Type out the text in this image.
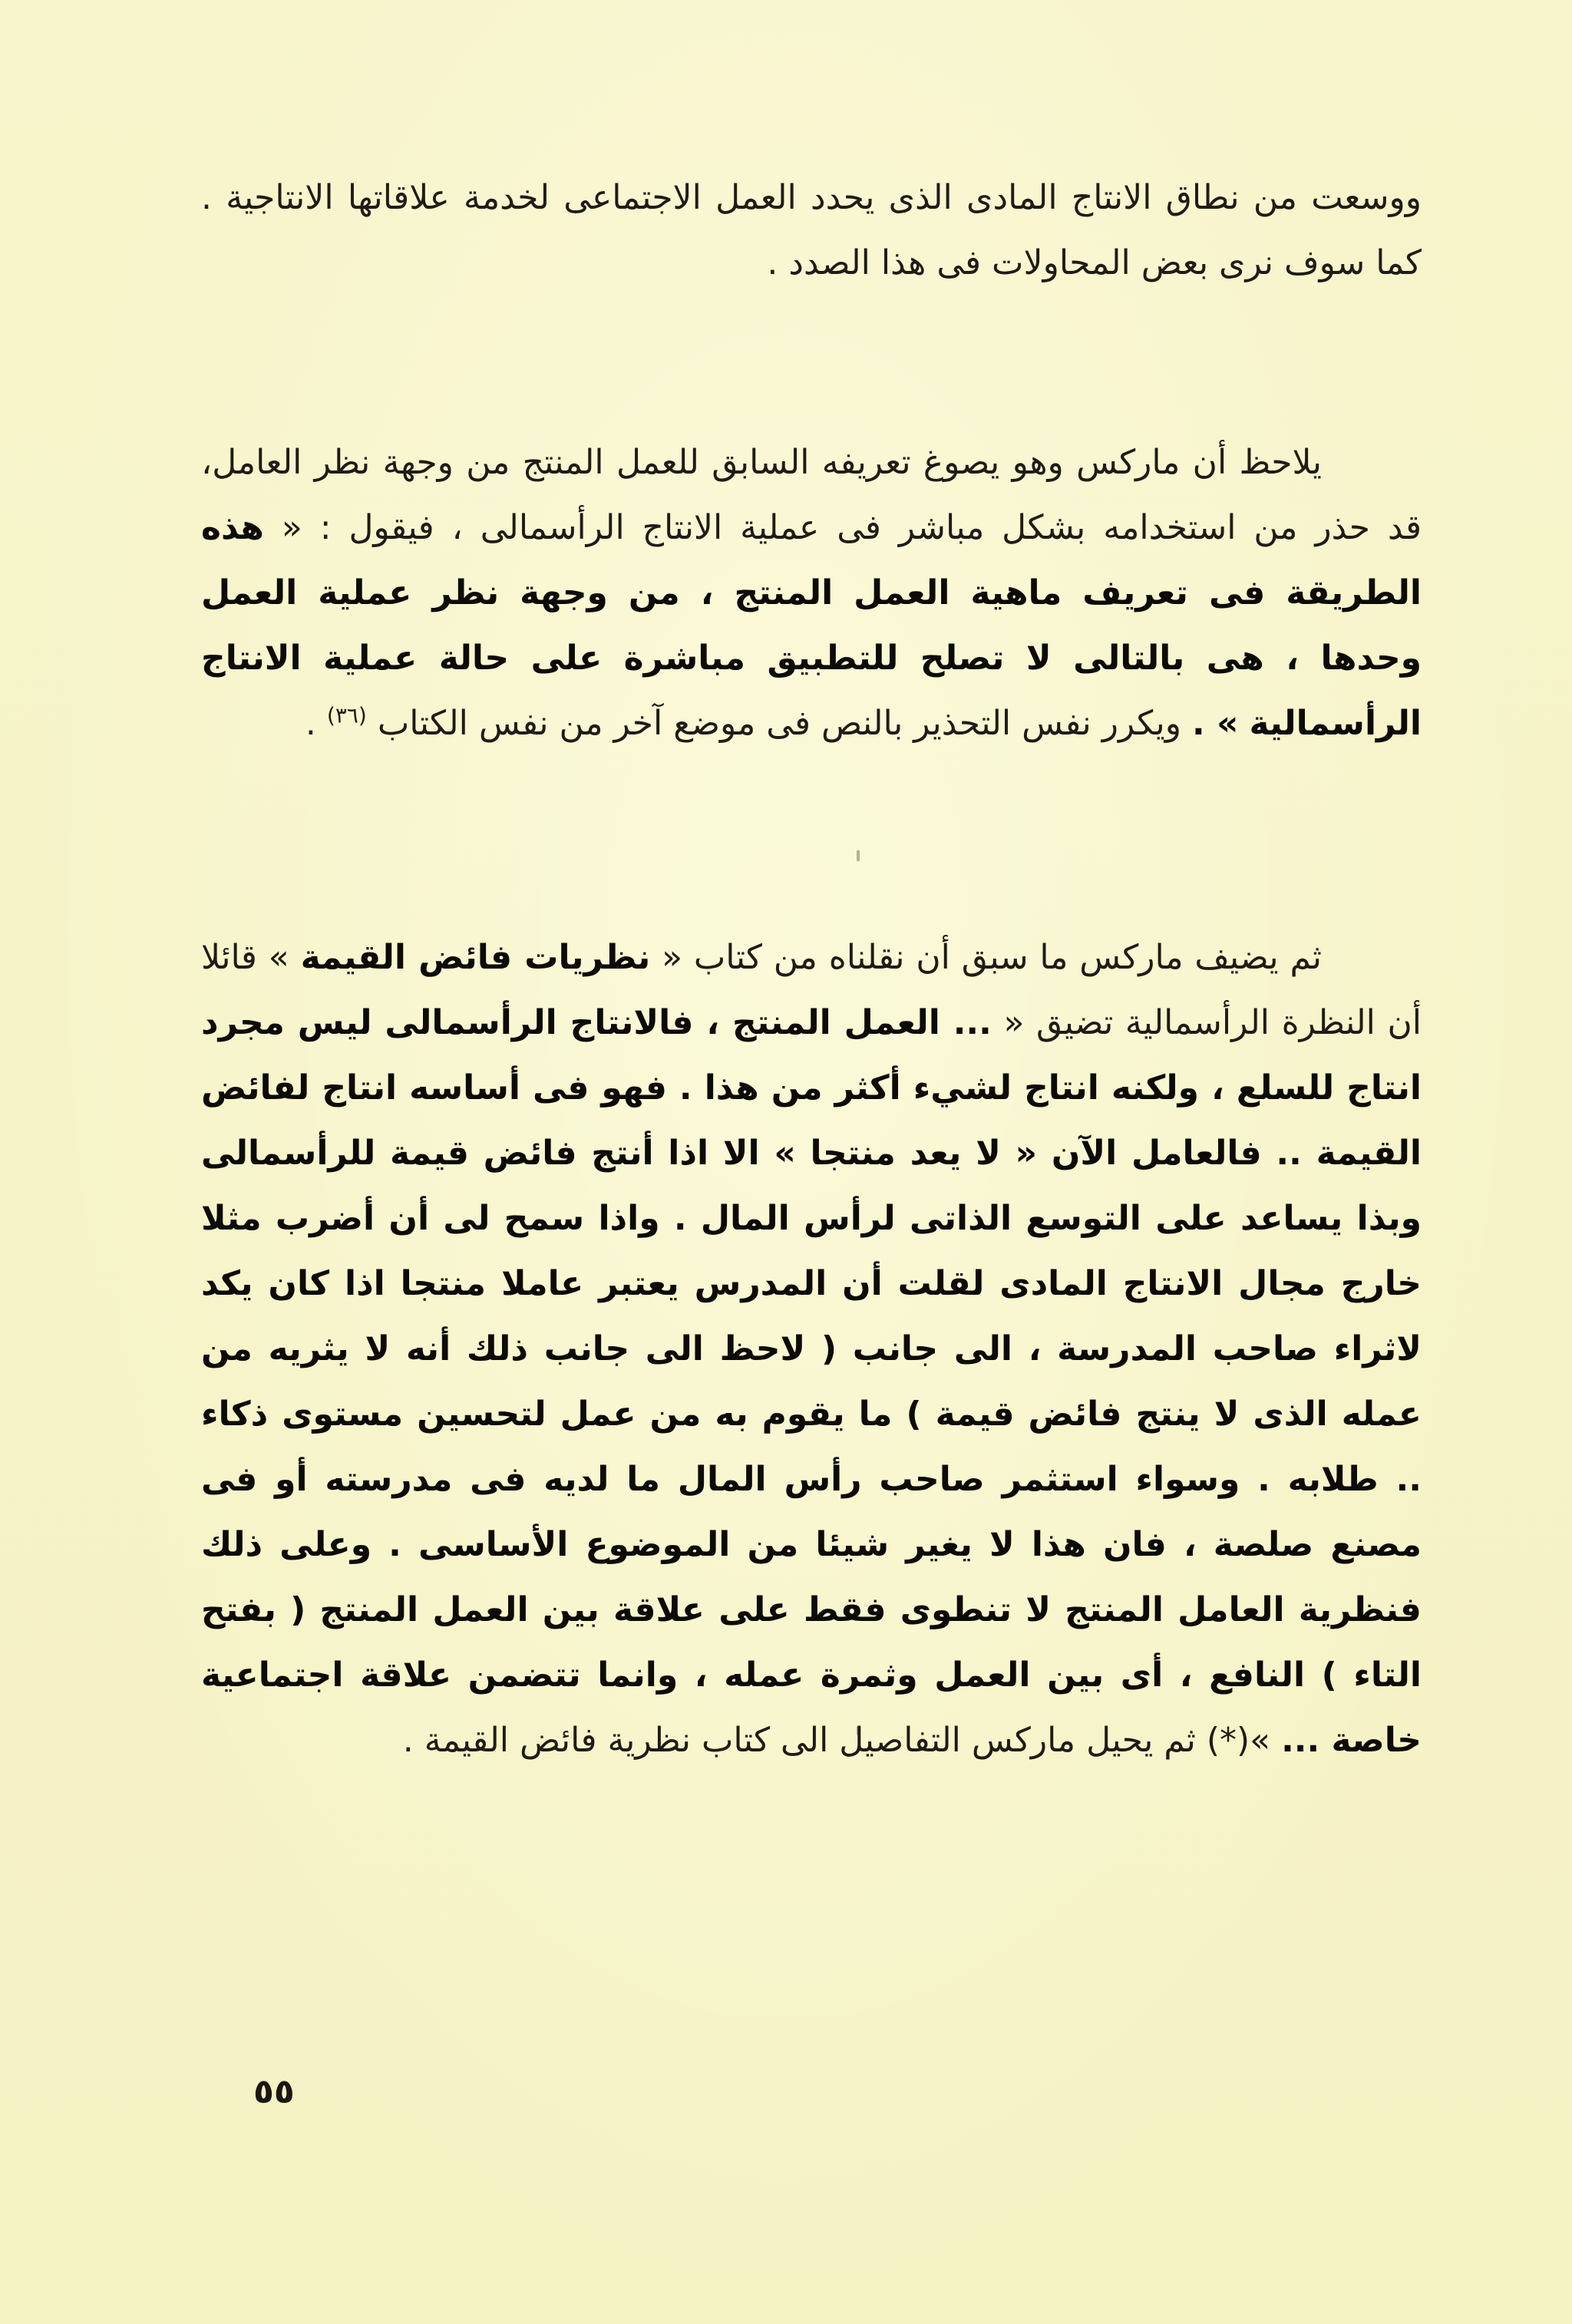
ووسعت من نطاق الانتاج المادى الذى يحدد العمل الاجتماعى لخدمة علاقاتها الانتاجية . كما سوف نرى بعض المحاولات فى هذا الصدد .

يلاحظ أن ماركس وهو يصوغ تعريفه السابق للعمل المنتج من وجهة نظر العامل، قد حذر من استخدامه بشكل مباشر فى عملية الانتاج الرأسمالى ، فيقول : « هذه الطريقة فى تعريف ماهية العمل المنتج ، من وجهة نظر عملية العمل وحدها ، هى بالتالى لا تصلح للتطبيق مباشرة على حالة عملية الانتاج الرأسمالية » . ويكرر نفس التحذير بالنص فى موضع آخر من نفس الكتاب $^{(٣٦)}$ .

ثم يضيف ماركس ما سبق أن نقلناه من كتاب « نظريات فائض القيمة » قائلا أن النظرة الرأسمالية تضيق « ... العمل المنتج ، فالانتاج الرأسمالى ليس مجرد انتاج للسلع ، ولكنه انتاج لشيء أكثر من هذا . فهو فى أساسه انتاج لفائض القيمة .. فالعامل الآن « لا يعد منتجا » الا اذا أنتج فائض قيمة للرأسمالى وبذا يساعد على التوسع الذاتى لرأس المال . واذا سمح لى أن أضرب مثلا خارج مجال الانتاج المادى لقلت أن المدرس يعتبر عاملا منتجا اذا كان يكد لاثراء صاحب المدرسة ، الى جانب ( لاحظ الى جانب ذلك أنه لا يثريه من عمله الذى لا ينتج فائض قيمة ) ما يقوم به من عمل لتحسين مستوى ذكاء .. طلابه . وسواء استثمر صاحب رأس المال ما لديه فى مدرسته أو فى مصنع صلصة ، فان هذا لا يغير شيئا من الموضوع الأساسى . وعلى ذلك فنظرية العامل المنتج لا تنطوى فقط على علاقة بين العمل المنتج ( بفتح التاء ) النافع ، أى بين العمل وثمرة عمله ، وانما تتضمن علاقة اجتماعية خاصة ... »(*) ثم يحيل ماركس التفاصيل الى كتاب نظرية فائض القيمة .

٥٥
